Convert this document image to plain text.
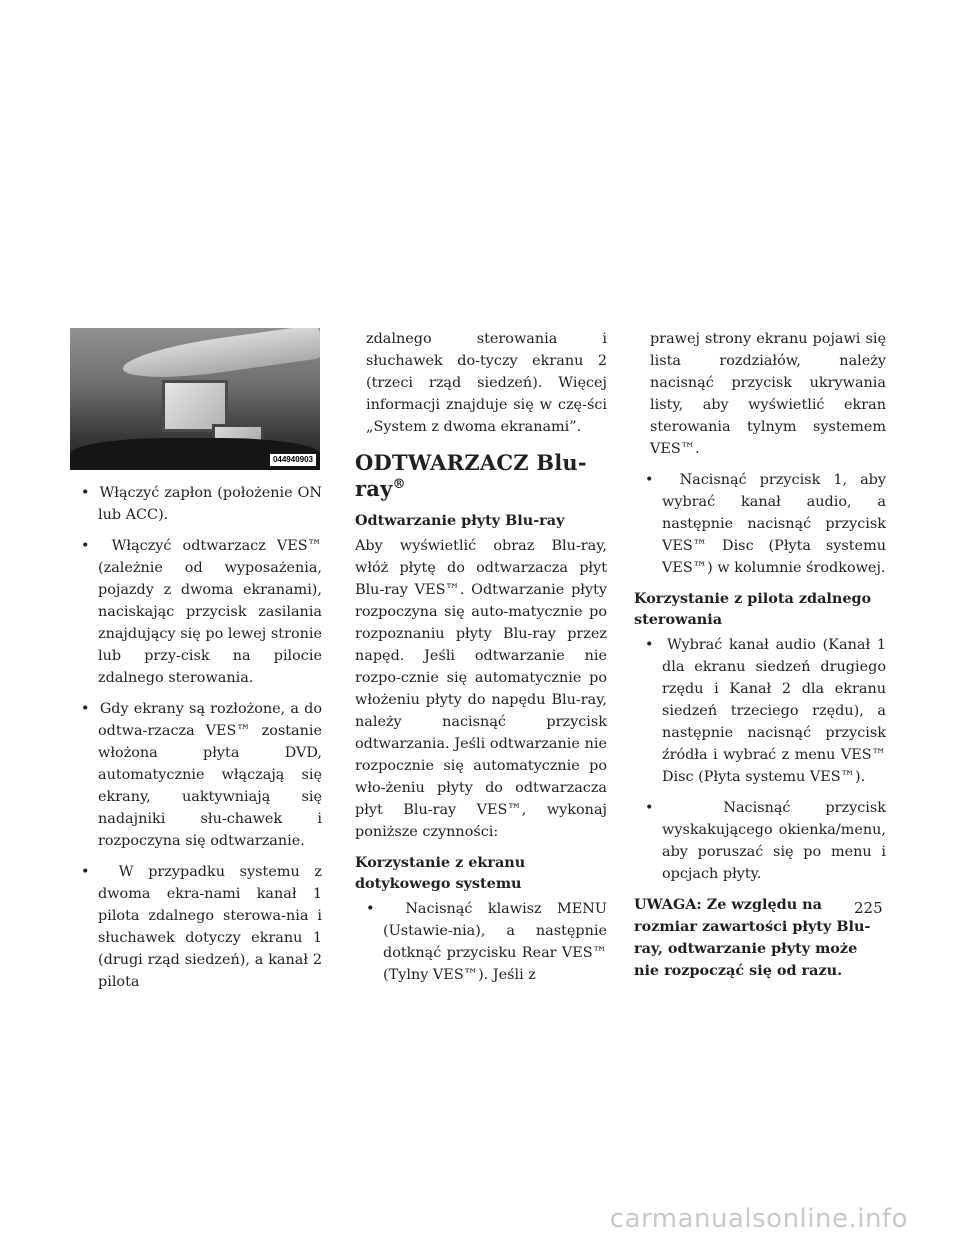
044940903

•  Włączyć zapłon (położenie ON lub ACC).

•  Włączyć odtwarzacz VES™ (zależnie od wyposażenia, pojazdy z dwoma ekranami), naciskając przycisk zasilania znajdujący się po lewej stronie lub przy-cisk na pilocie zdalnego sterowania.

•  Gdy ekrany są rozłożone, a do odtwa-rzacza VES™ zostanie włożona płyta DVD, automatycznie włączają się ekrany, uaktywniają się nadajniki słu-chawek i rozpoczyna się odtwarzanie.

•  W przypadku systemu z dwoma ekra-nami kanał 1 pilota zdalnego sterowa-nia i słuchawek dotyczy ekranu 1 (drugi rząd siedzeń), a kanał 2 pilota

zdalnego sterowania i słuchawek do-tyczy ekranu 2 (trzeci rząd siedzeń). Więcej informacji znajduje się w czę-ści „System z dwoma ekranami”.

ODTWARZACZ Blu-ray®
Odtwarzanie płyty Blu-ray

Aby wyświetlić obraz Blu-ray, włóż płytę do odtwarzacza płyt Blu-ray VES™. Odtwarzanie płyty rozpoczyna się auto-matycznie po rozpoznaniu płyty Blu-ray przez napęd. Jeśli odtwarzanie nie rozpo-cznie się automatycznie po włożeniu płyty do napędu Blu-ray, należy nacisnąć przycisk odtwarzania. Jeśli odtwarzanie nie rozpocznie się automatycznie po wło-żeniu płyty do odtwarzacza płyt Blu-ray VES™, wykonaj poniższe czynności:

Korzystanie z ekranu dotykowego systemu

•  Nacisnąć klawisz MENU (Ustawie-nia), a następnie dotknąć przycisku Rear VES™ (Tylny VES™). Jeśli z

prawej strony ekranu pojawi się lista rozdziałów, należy nacisnąć przycisk ukrywania listy, aby wyświetlić ekran sterowania tylnym systemem VES™.

•  Nacisnąć przycisk 1, aby wybrać kanał audio, a następnie nacisnąć przycisk VES™ Disc (Płyta systemu VES™) w kolumnie środkowej.

Korzystanie z pilota zdalnego sterowania

•  Wybrać kanał audio (Kanał 1 dla ekranu siedzeń drugiego rzędu i Kanał 2 dla ekranu siedzeń trzeciego rzędu), a następnie nacisnąć przycisk źródła i wybrać z menu VES™ Disc (Płyta systemu VES™).

•  Nacisnąć przycisk wyskakującego okienka/menu, aby poruszać się po menu i opcjach płyty.

UWAGA: Ze względu na rozmiar zawartości płyty Blu-ray, odtwarzanie płyty może nie rozpocząć się od razu.

225
carmanualsonline.info
